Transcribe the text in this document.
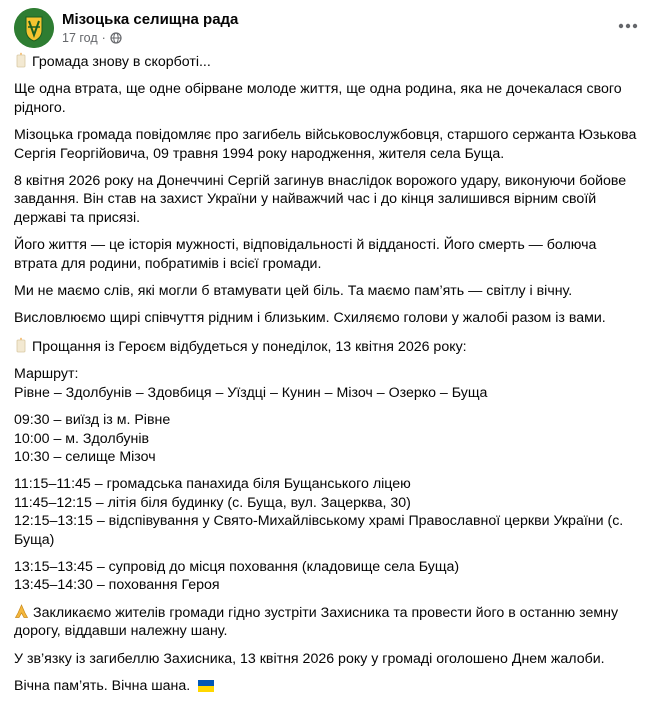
Мізоцька селищна рада
17 год ·
Громада знову в скорботі...
Ще одна втрата, ще одне обірване молоде життя, ще одна родина, яка не дочекалася свого рідного.
Мізоцька громада повідомляє про загибель військовослужбовця, старшого сержанта Юзькова Сергія Георгійовича, 09 травня 1994 року народження, жителя села Буща.
8 квітня 2026 року на Донеччині Сергій загинув внаслідок ворожого удару, виконуючи бойове завдання. Він став на захист України у найважчий час і до кінця залишився вірним своїй державі та присязі.
Його життя — це історія мужності, відповідальності й відданості. Його смерть — болюча втрата для родини, побратимів і всієї громади.
Ми не маємо слів, які могли б втамувати цей біль. Та маємо пам’ять — світлу і вічну.
Висловлюємо щирі співчуття рідним і близьким. Схиляємо голови у жалобі разом із вами.
Прощання із Героєм відбудеться у понеділок, 13 квітня 2026 року:
Маршрут:
Рівне – Здолбунів – Здовбиця – Уїздці – Кунин – Мізоч – Озерко – Буща
09:30 – виїзд із м. Рівне
10:00 – м. Здолбунів
10:30 – селище Мізоч
11:15–11:45 – громадська панахида біля Бущанського ліцею
11:45–12:15 – літія біля будинку (с. Буща, вул. Зацерква, 30)
12:15–13:15 – відспівування у Свято-Михайлівському храмі Православної церкви України (с. Буща)
13:15–13:45 – супровід до місця поховання (кладовище села Буща)
13:45–14:30 – поховання Героя
Закликаємо жителів громади гідно зустріти Захисника та провести його в останню земну дорогу, віддавши належну шану.
У зв’язку із загибеллю Захисника, 13 квітня 2026 року у громаді оголошено Днем жалоби.
Вічна пам’ять. Вічна шана.
